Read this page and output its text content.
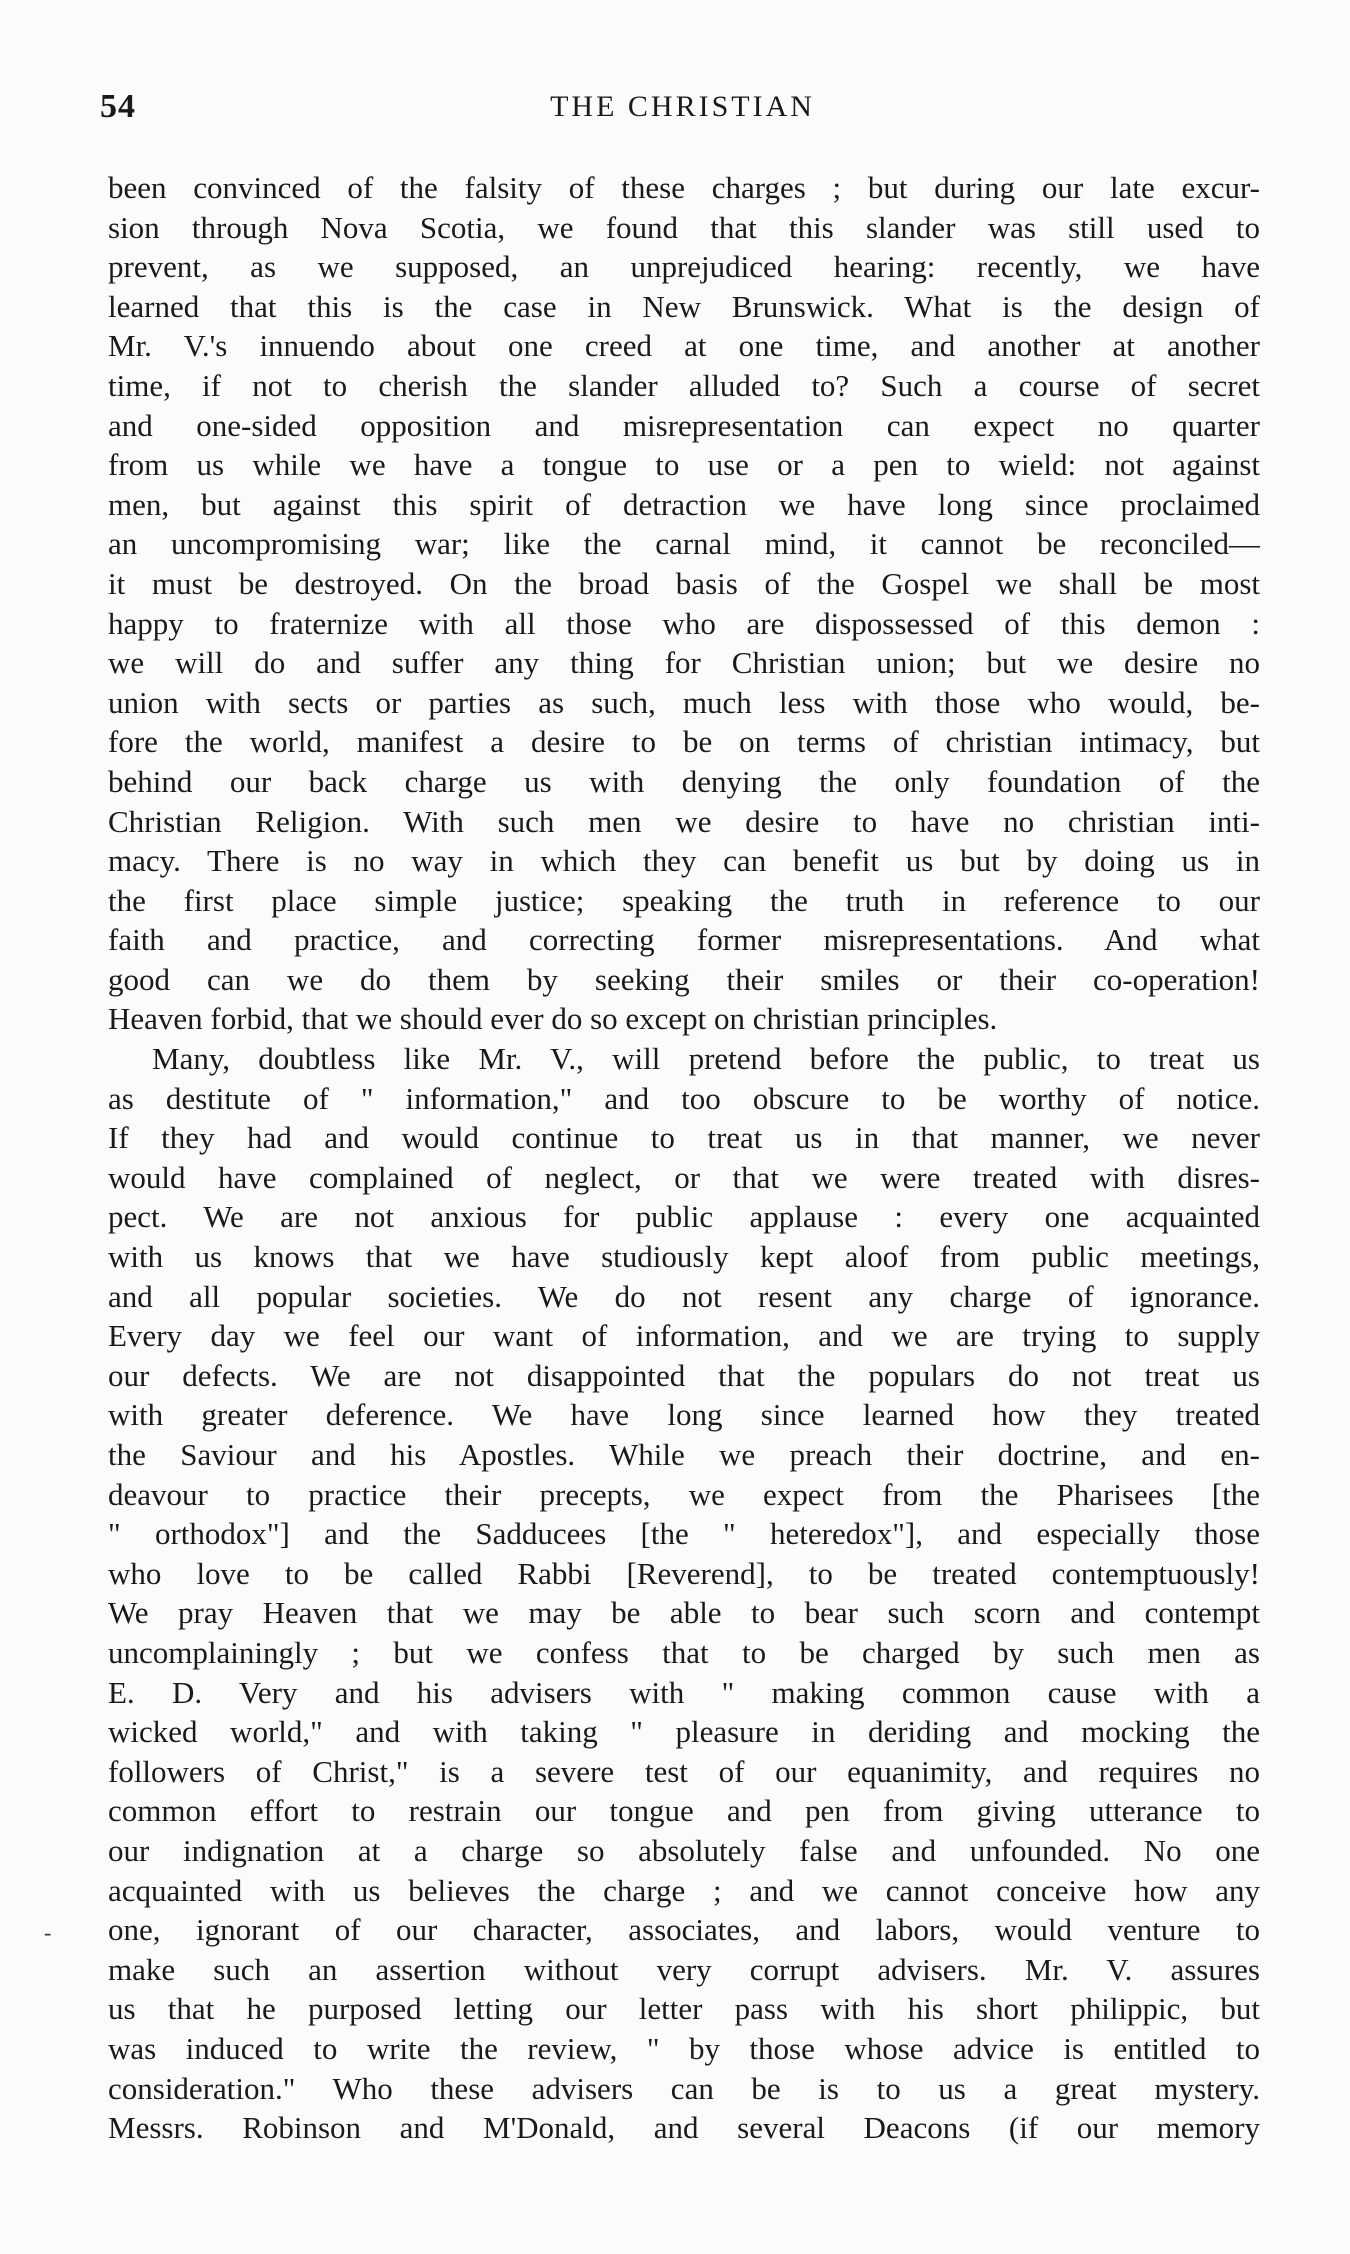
54	THE CHRISTIAN
been convinced of the falsity of these charges ; but during our late excur-
sion through Nova Scotia, we found that this slander was still used to
prevent, as we supposed, an unprejudiced hearing: recently, we have
learned that this is the case in New Brunswick. What is the design of
Mr. V.'s innuendo about one creed at one time, and another at another
time, if not to cherish the slander alluded to? Such a course of secret
and one-sided opposition and misrepresentation can expect no quarter
from us while we have a tongue to use or a pen to wield: not against
men, but against this spirit of detraction we have long since proclaimed
an uncompromising war; like the carnal mind, it cannot be reconciled—
it must be destroyed. On the broad basis of the Gospel we shall be most
happy to fraternize with all those who are dispossessed of this demon :
we will do and suffer any thing for Christian union; but we desire no
union with sects or parties as such, much less with those who would, be-
fore the world, manifest a desire to be on terms of christian intimacy, but
behind our back charge us with denying the only foundation of the
Christian Religion. With such men we desire to have no christian inti-
macy. There is no way in which they can benefit us but by doing us in
the first place simple justice; speaking the truth in reference to our
faith and practice, and correcting former misrepresentations. And what
good can we do them by seeking their smiles or their co-operation!
Heaven forbid, that we should ever do so except on christian principles.
Many, doubtless like Mr. V., will pretend before the public, to treat us
as destitute of " information," and too obscure to be worthy of notice.
If they had and would continue to treat us in that manner, we never
would have complained of neglect, or that we were treated with disres-
pect. We are not anxious for public applause : every one acquainted
with us knows that we have studiously kept aloof from public meetings,
and all popular societies. We do not resent any charge of ignorance.
Every day we feel our want of information, and we are trying to supply
our defects. We are not disappointed that the populars do not treat us
with greater deference. We have long since learned how they treated
the Saviour and his Apostles. While we preach their doctrine, and en-
deavour to practice their precepts, we expect from the Pharisees [the
" orthodox"] and the Sadducees [the " heteredox"], and especially those
who love to be called Rabbi [Reverend], to be treated contemptuously!
We pray Heaven that we may be able to bear such scorn and contempt
uncomplainingly ; but we confess that to be charged by such men as
E. D. Very and his advisers with " making common cause with a
wicked world," and with taking " pleasure in deriding and mocking the
followers of Christ," is a severe test of our equanimity, and requires no
common effort to restrain our tongue and pen from giving utterance to
our indignation at a charge so absolutely false and unfounded. No one
acquainted with us believes the charge ; and we cannot conceive how any
one, ignorant of our character, associates, and labors, would venture to
make such an assertion without very corrupt advisers. Mr. V. assures
us that he purposed letting our letter pass with his short philippic, but
was induced to write the review, " by those whose advice is entitled to
consideration." Who these advisers can be is to us a great mystery.
Messrs. Robinson and M'Donald, and several Deacons (if our memory
-
